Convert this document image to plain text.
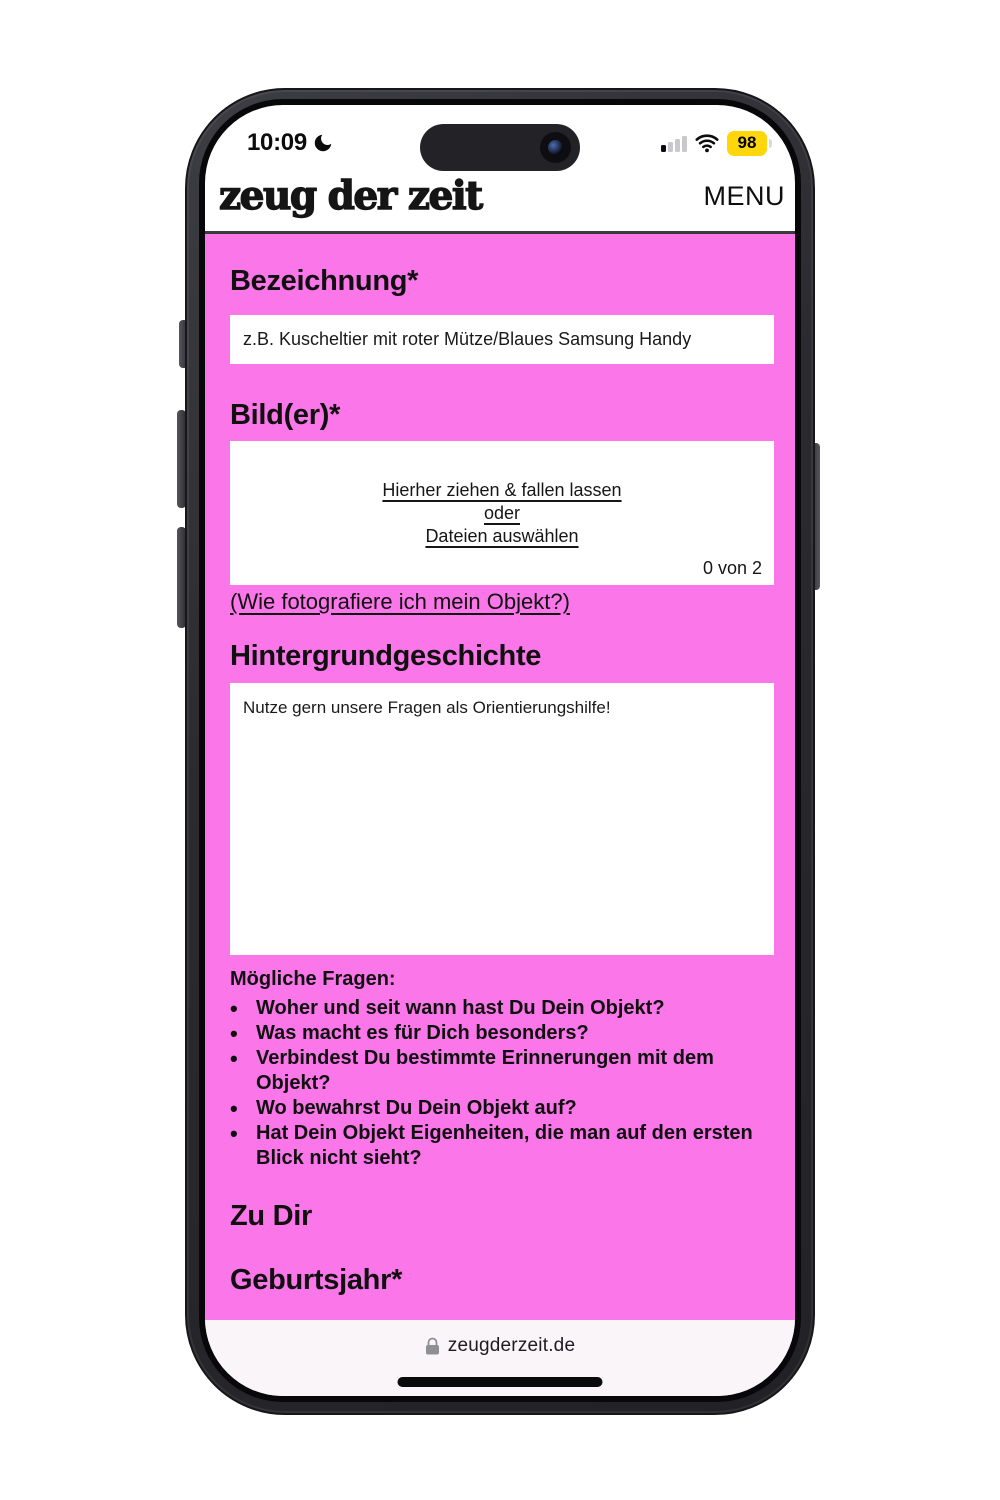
10:09	98
zeug der zeit	MENU
Bezeichnung*
z.B. Kuscheltier mit roter Mütze/Blaues Samsung Handy
Bild(er)*
Hierher ziehen & fallen lassen
oder
Dateien auswählen
0 von 2
(Wie fotografiere ich mein Objekt?)
Hintergrundgeschichte
Nutze gern unsere Fragen als Orientierungshilfe!
Mögliche Fragen:
• Woher und seit wann hast Du Dein Objekt?
• Was macht es für Dich besonders?
• Verbindest Du bestimmte Erinnerungen mit dem Objekt?
• Wo bewahrst Du Dein Objekt auf?
• Hat Dein Objekt Eigenheiten, die man auf den ersten Blick nicht sieht?
Zu Dir
Geburtsjahr*
zeugderzeit.de
